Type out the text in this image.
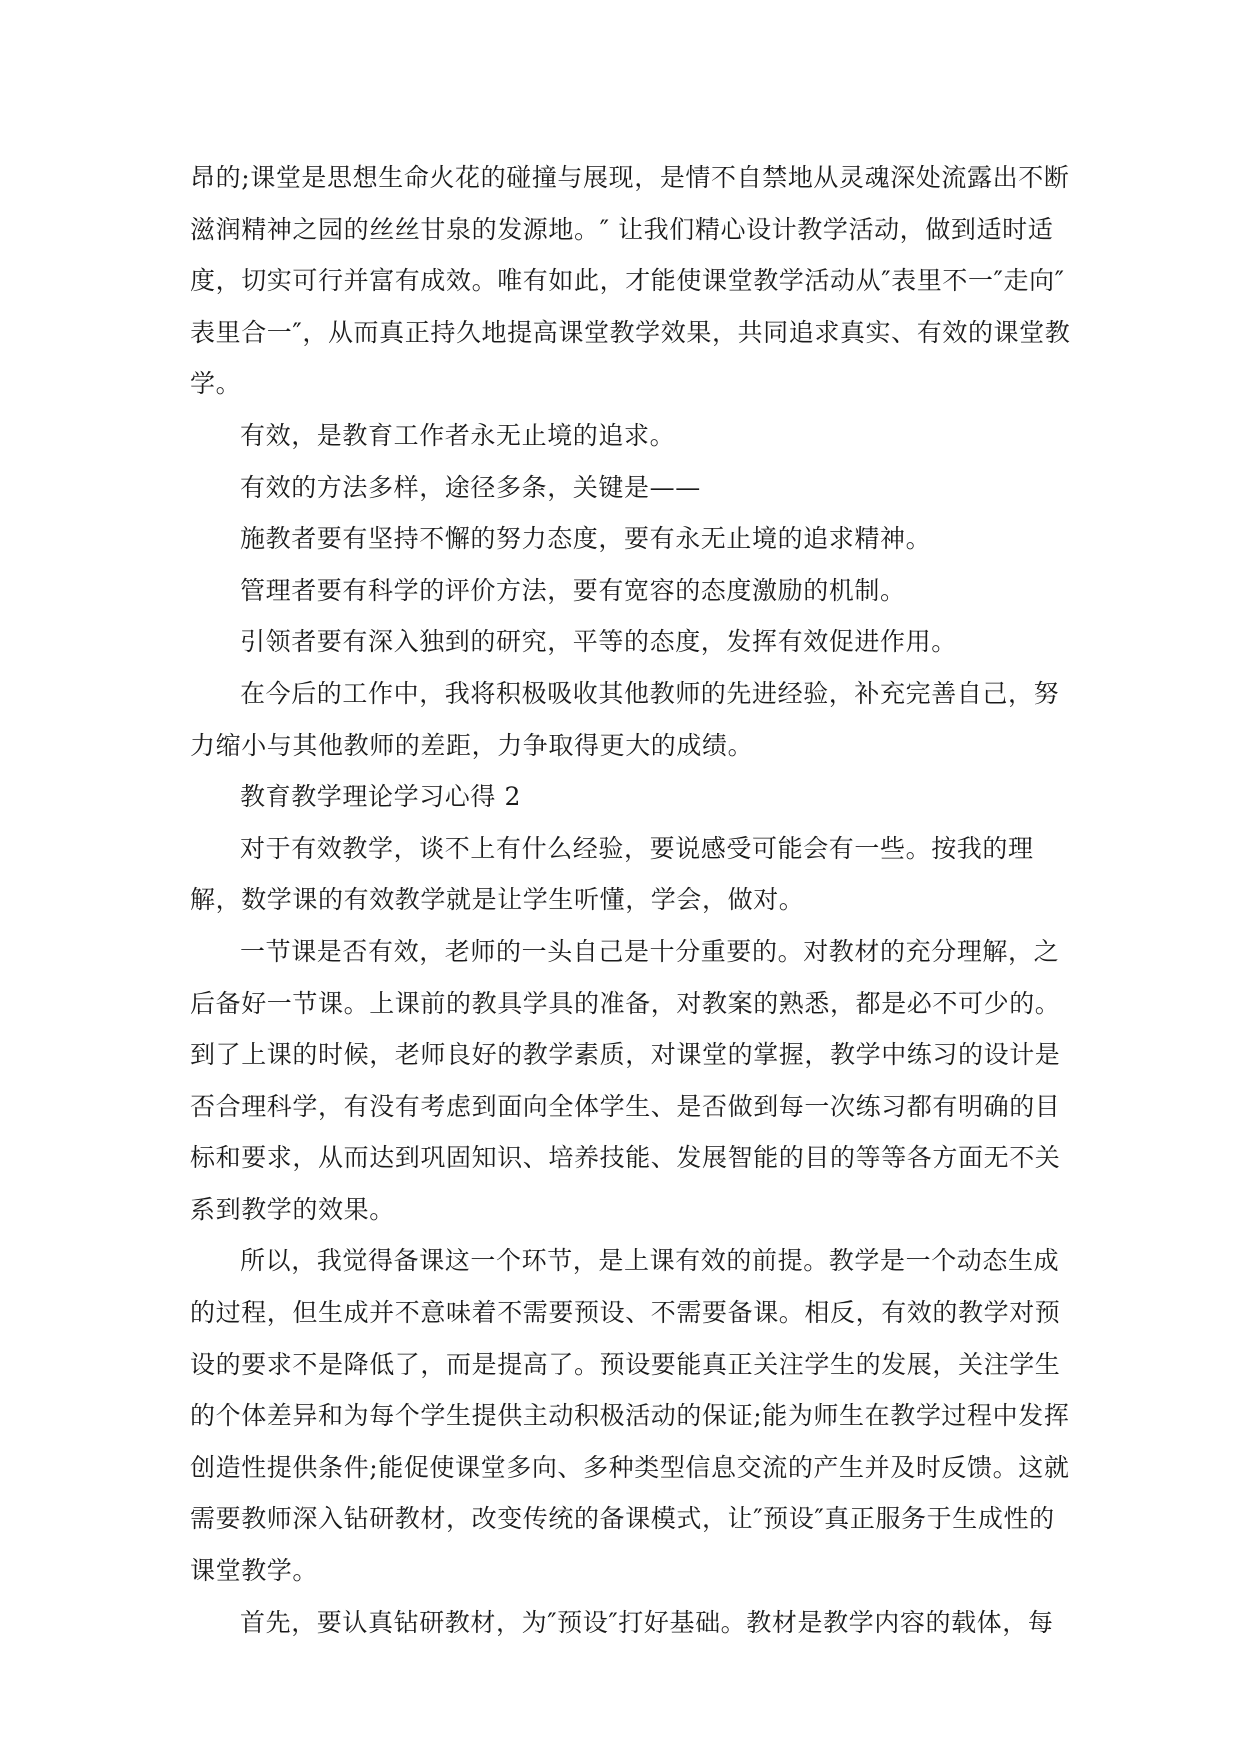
昂的;课堂是思想生命火花的碰撞与展现，是情不自禁地从灵魂深处流露出不断
滋润精神之园的丝丝甘泉的发源地。″ 让我们精心设计教学活动，做到适时适
度，切实可行并富有成效。唯有如此，才能使课堂教学活动从″表里不一″走向″
表里合一″，从而真正持久地提高课堂教学效果，共同追求真实、有效的课堂教
学。
有效，是教育工作者永无止境的追求。
有效的方法多样，途径多条，关键是——
施教者要有坚持不懈的努力态度，要有永无止境的追求精神。
管理者要有科学的评价方法，要有宽容的态度激励的机制。
引领者要有深入独到的研究，平等的态度，发挥有效促进作用。
在今后的工作中，我将积极吸收其他教师的先进经验，补充完善自己，努
力缩小与其他教师的差距，力争取得更大的成绩。
教育教学理论学习心得 2
对于有效教学，谈不上有什么经验，要说感受可能会有一些。按我的理
解，数学课的有效教学就是让学生听懂，学会，做对。
一节课是否有效，老师的一头自己是十分重要的。对教材的充分理解，之
后备好一节课。上课前的教具学具的准备，对教案的熟悉，都是必不可少的。
到了上课的时候，老师良好的教学素质，对课堂的掌握，教学中练习的设计是
否合理科学，有没有考虑到面向全体学生、是否做到每一次练习都有明确的目
标和要求，从而达到巩固知识、培养技能、发展智能的目的等等各方面无不关
系到教学的效果。
所以，我觉得备课这一个环节，是上课有效的前提。教学是一个动态生成
的过程，但生成并不意味着不需要预设、不需要备课。相反，有效的教学对预
设的要求不是降低了，而是提高了。预设要能真正关注学生的发展，关注学生
的个体差异和为每个学生提供主动积极活动的保证;能为师生在教学过程中发挥
创造性提供条件;能促使课堂多向、多种类型信息交流的产生并及时反馈。这就
需要教师深入钻研教材，改变传统的备课模式，让″预设″真正服务于生成性的
课堂教学。
首先，要认真钻研教材，为″预设″打好基础。教材是教学内容的载体，每
